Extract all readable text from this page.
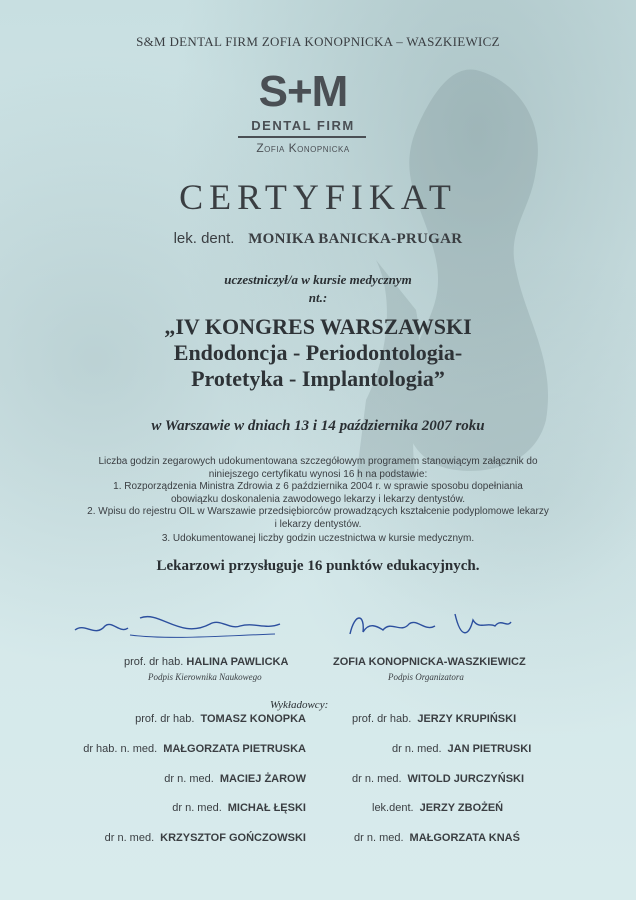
S&M DENTAL FIRM ZOFIA KONOPNICKA – WASZKIEWICZ
S+M
DENTAL FIRM
Zofia Konopnicka
CERTYFIKAT
lek. dent. MONIKA BANICKA-PRUGAR
uczestniczył/a w kursie medycznym
nt.:
„IV KONGRES WARSZAWSKI
Endodoncja - Periodontologia-
Protetyka - Implantologia”
w Warszawie w dniach 13 i 14 października 2007 roku

Liczba godzin zegarowych udokumentowana szczegółowym programem stanowiącym załącznik do

niniejszego certyfikatu wynosi 16 h na podstawie:

1. Rozporządzenia Ministra Zdrowia z 6 października 2004 r. w sprawie sposobu dopełniania

obowiązku doskonalenia zawodowego lekarzy i lekarzy dentystów.

2. Wpisu do rejestru OIL w Warszawie przedsiębiorców prowadzących kształcenie podyplomowe lekarzy

i lekarzy dentystów.

3. Udokumentowanej liczby godzin uczestnictwa w kursie medycznym.

Lekarzowi przysługuje 16 punktów edukacyjnych.
prof. dr hab. HALINA PAWLICKA
Podpis Kierownika Naukowego
ZOFIA KONOPNICKA-WASZKIEWICZ
Podpis Organizatora
Wykładowcy:
prof. dr hab. TOMASZ KONOPKA
dr hab. n. med. MAŁGORZATA PIETRUSKA
dr n. med. MACIEJ ŻAROW
dr n. med. MICHAŁ ŁĘSKI
dr n. med. KRZYSZTOF GOŃCZOWSKI
prof. dr hab. JERZY KRUPIŃSKI
dr n. med. JAN PIETRUSKI
dr n. med. WITOLD JURCZYŃSKI
lek.dent. JERZY ZBOŻEŃ
dr n. med. MAŁGORZATA KNAŚ
